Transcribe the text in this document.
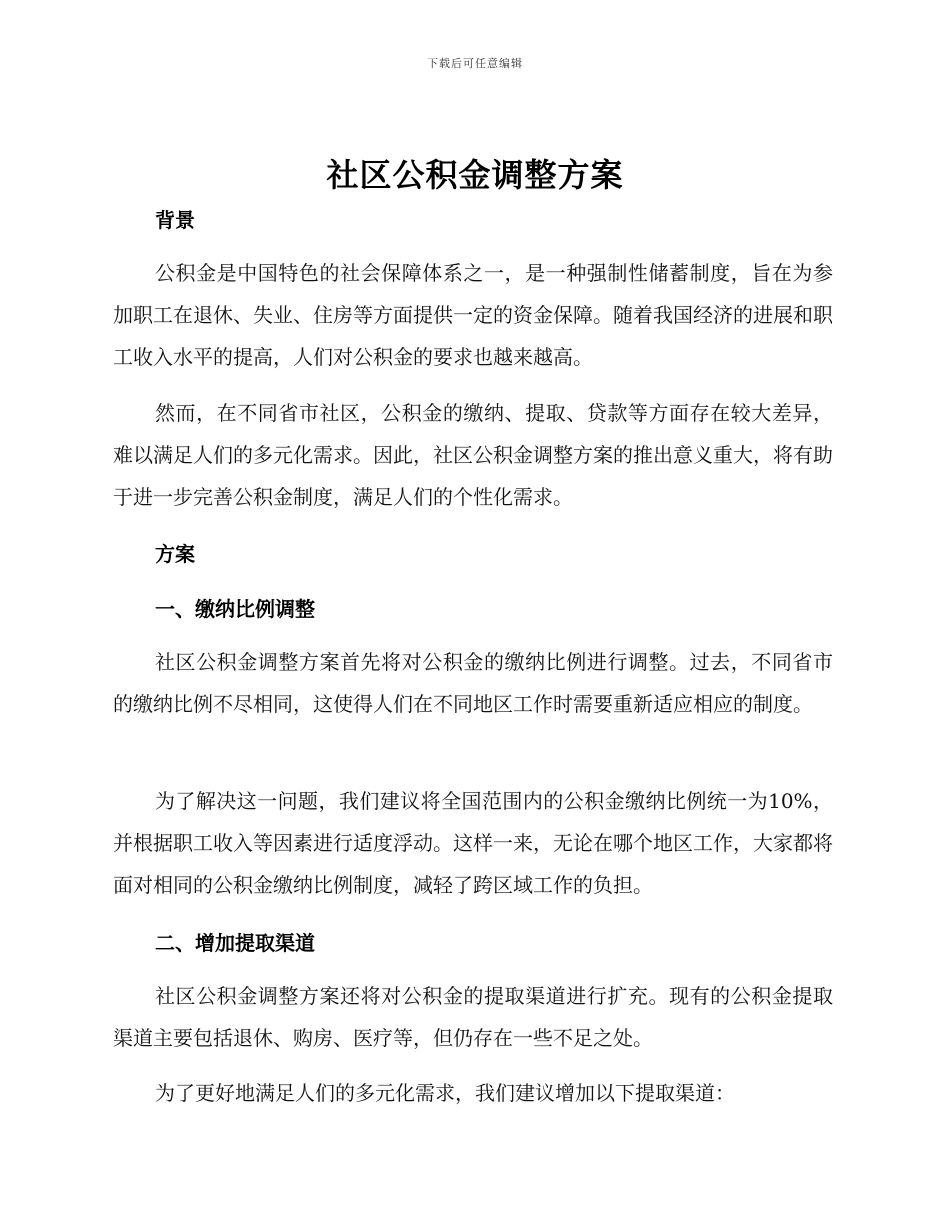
下载后可任意编辑
社区公积金调整方案
背景

公积金是中国特色的社会保障体系之一，是一种强制性储蓄制度，旨在为参加职工在退休、失业、住房等方面提供一定的资金保障。随着我国经济的进展和职工收入水平的提高，人们对公积金的要求也越来越高。

然而，在不同省市社区，公积金的缴纳、提取、贷款等方面存在较大差异，难以满足人们的多元化需求。因此，社区公积金调整方案的推出意义重大，将有助于进一步完善公积金制度，满足人们的个性化需求。

方案
一、缴纳比例调整

社区公积金调整方案首先将对公积金的缴纳比例进行调整。过去，不同省市的缴纳比例不尽相同，这使得人们在不同地区工作时需要重新适应相应的制度。

为了解决这一问题，我们建议将全国范围内的公积金缴纳比例统一为10%，并根据职工收入等因素进行适度浮动。这样一来，无论在哪个地区工作，大家都将面对相同的公积金缴纳比例制度，减轻了跨区域工作的负担。

二、增加提取渠道

社区公积金调整方案还将对公积金的提取渠道进行扩充。现有的公积金提取渠道主要包括退休、购房、医疗等，但仍存在一些不足之处。

为了更好地满足人们的多元化需求，我们建议增加以下提取渠道：
